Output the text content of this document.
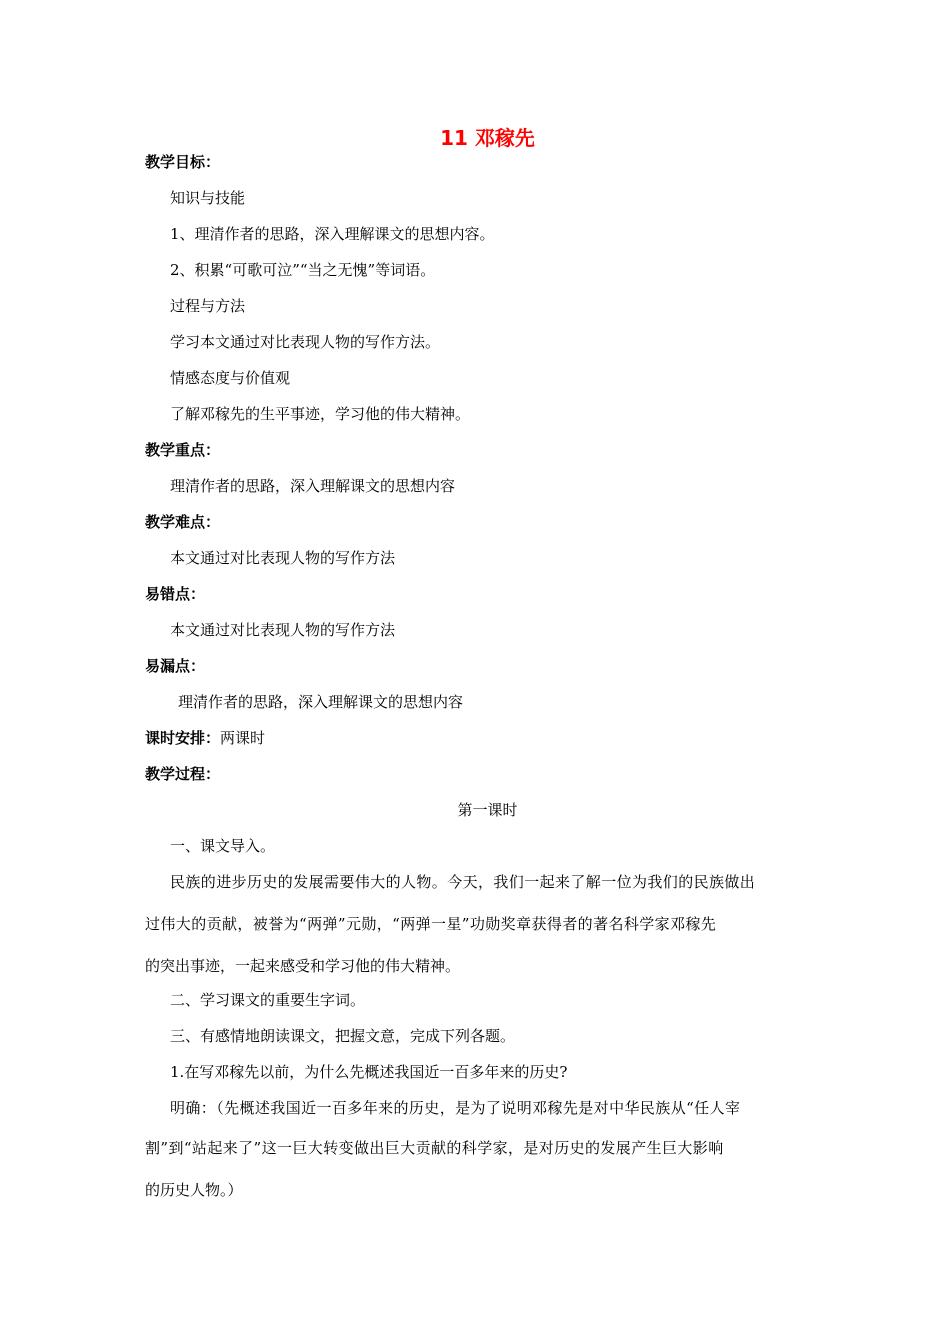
11 邓稼先
教学目标：
知识与技能
1、理清作者的思路，深入理解课文的思想内容。
2、积累“可歌可泣”“当之无愧”等词语。
过程与方法
学习本文通过对比表现人物的写作方法。
情感态度与价值观
了解邓稼先的生平事迹，学习他的伟大精神。
教学重点：
理清作者的思路，深入理解课文的思想内容
教学难点：
本文通过对比表现人物的写作方法
易错点：
本文通过对比表现人物的写作方法
易漏点：
理清作者的思路，深入理解课文的思想内容
课时安排：两课时
教学过程：
第一课时
一、课文导入。
民族的进步历史的发展需要伟大的人物。今天，我们一起来了解一位为我们的民族做出
过伟大的贡献，被誉为“两弹”元勋，“两弹一星”功勋奖章获得者的著名科学家邓稼先
的突出事迹，一起来感受和学习他的伟大精神。
二、学习课文的重要生字词。
三、有感情地朗读课文，把握文意，完成下列各题。
1.在写邓稼先以前，为什么先概述我国近一百多年来的历史?
明确：（先概述我国近一百多年来的历史，是为了说明邓稼先是对中华民族从“任人宰
割”到“站起来了”这一巨大转变做出巨大贡献的科学家，是对历史的发展产生巨大影响
的历史人物。）
